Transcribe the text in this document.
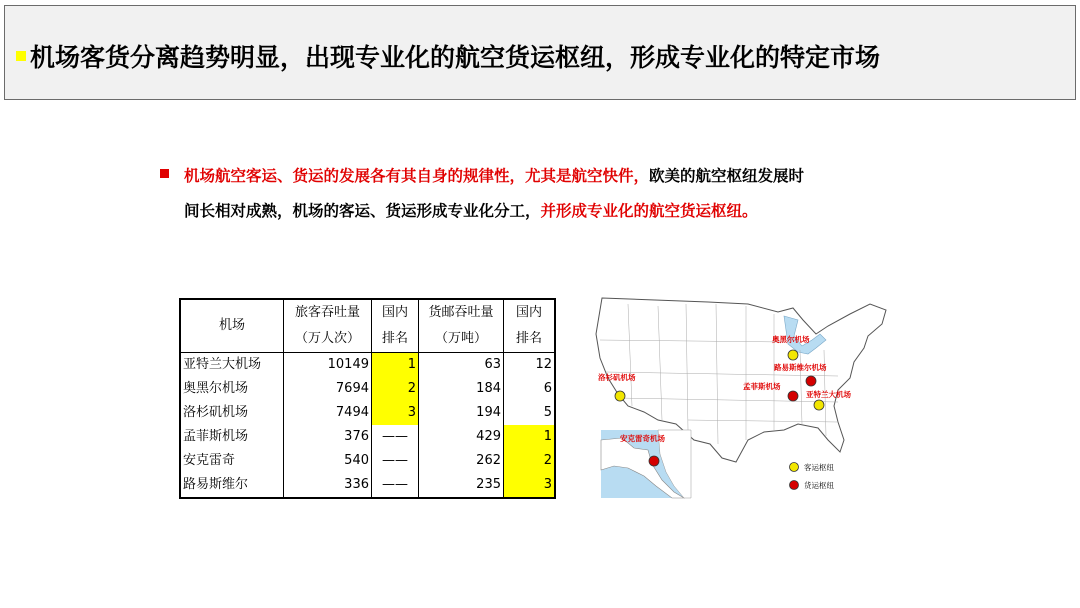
机场客货分离趋势明显，出现专业化的航空货运枢纽，形成专业化的特定市场
机场航空客运、货运的发展各有其自身的规律性，尤其是航空快件，欧美的航空枢纽发展时
间长相对成熟，机场的客运、货运形成专业化分工，并形成专业化的航空货运枢纽。
机场	旅客吞吐量	国内	货邮吞吐量	国内
	（万人次）	排名	（万吨）	排名
亚特兰大机场	10149	1	63	12
奥黑尔机场	7694	2	184	6
洛杉矶机场	7494	3	194	5
孟菲斯机场	376	——	429	1
安克雷奇	540	——	262	2
路易斯维尔	336	——	235	3
奥黑尔机场
路易斯维尔机场
孟菲斯机场
亚特兰大机场
洛杉矶机场
安克雷奇机场
客运枢纽
货运枢纽
